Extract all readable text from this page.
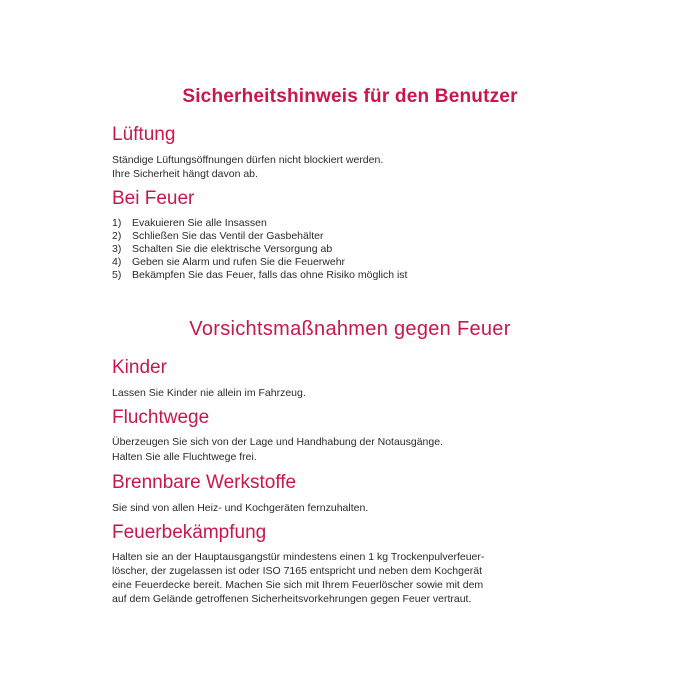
Sicherheitshinweis für den Benutzer
Lüftung

Ständige Lüftungsöffnungen dürfen nicht blockiert werden.

Ihre Sicherheit hängt davon ab.

Bei Feuer
1)	Evakuieren Sie alle Insassen
2)	Schließen Sie das Ventil der Gasbehälter
3)	Schalten Sie die elektrische Versorgung ab
4)	Geben sie Alarm und rufen Sie die Feuerwehr
5)	Bekämpfen Sie das Feuer, falls das ohne Risiko möglich ist
Vorsichtsmaßnahmen gegen Feuer
Kinder

Lassen Sie Kinder nie allein im Fahrzeug.

Fluchtwege

Überzeugen Sie sich von der Lage und Handhabung der Notausgänge.

Halten Sie alle Fluchtwege frei.

Brennbare Werkstoffe

Sie sind von allen Heiz- und Kochgeräten fernzuhalten.

Feuerbekämpfung

Halten sie an der Hauptausgangstür mindestens einen 1 kg Trockenpulverfeuer-

löscher, der zugelassen ist oder ISO 7165 entspricht und neben dem Kochgerät

eine Feuerdecke bereit. Machen Sie sich mit Ihrem Feuerlöscher sowie mit dem

auf dem Gelände getroffenen Sicherheitsvorkehrungen gegen Feuer vertraut.
